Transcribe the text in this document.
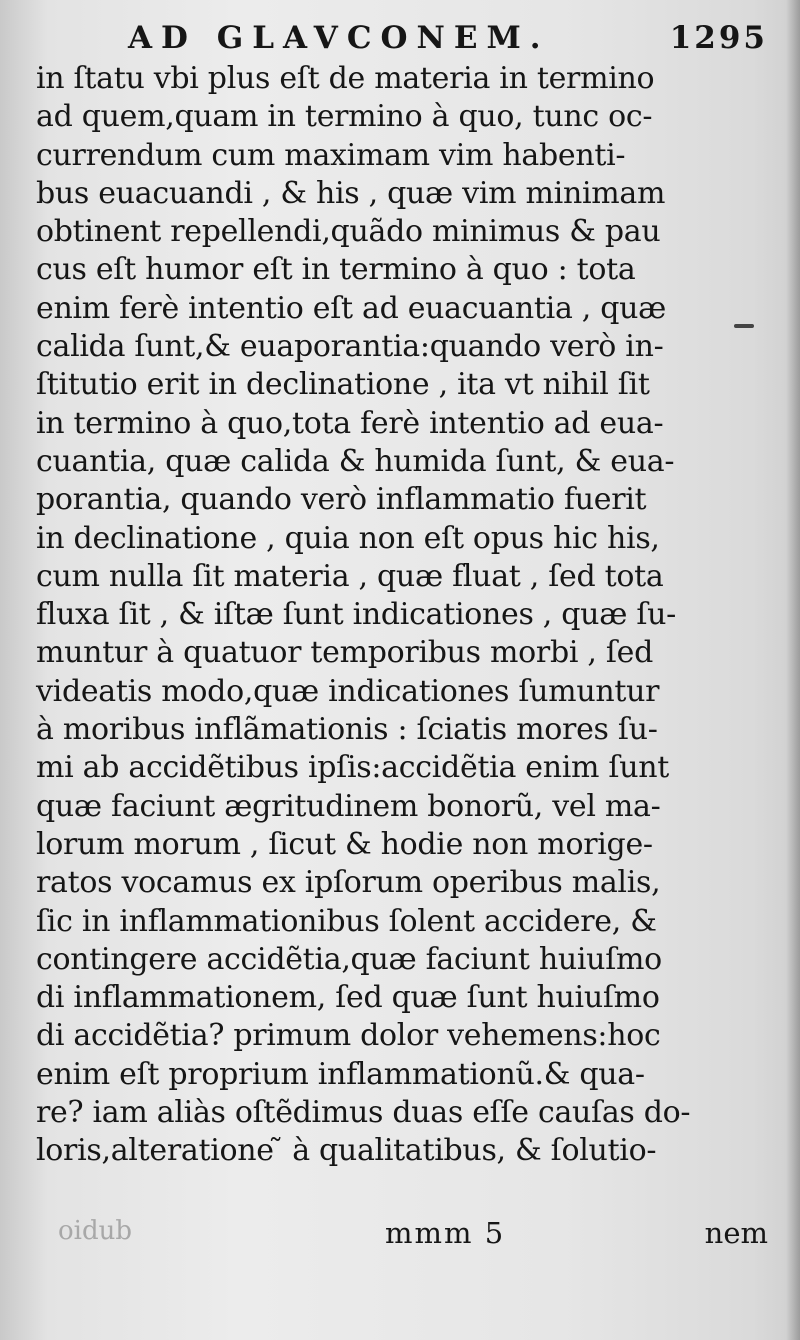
AD GLAVCONEM.	1295
in ſtatu vbi plus eſt de materia in termino
ad quem,quam in termino à quo, tunc oc-
currendum cum maximam vim habenti-
bus euacuandi , & his , quæ vim minimam
obtinent repellendi,quãdo minimus & pau
cus eſt humor eſt in termino à quo : tota
enim ferè intentio eſt ad euacuantia , quæ
calida ſunt,& euaporantia:quando verò in-
ſtitutio erit in declinatione , ita vt nihil ſit
in termino à quo,tota ferè intentio ad eua-
cuantia, quæ calida & humida ſunt, & eua-
porantia, quando verò inflammatio fuerit
in declinatione , quia non eſt opus hic his,
cum nulla ſit materia , quæ fluat , ſed tota
fluxa ſit , & iſtæ ſunt indicationes , quæ ſu-
muntur à quatuor temporibus morbi , ſed
videatis modo,quæ indicationes ſumuntur
à moribus inflãmationis : ſciatis mores ſu-
mi ab accidẽtibus ipſis:accidẽtia enim ſunt
quæ faciunt ægritudinem bonorũ, vel ma-
lorum morum , ſicut & hodie non morige-
ratos vocamus ex ipſorum operibus malis,
ſic in inflammationibus ſolent accidere, &
contingere accidẽtia,quæ faciunt huiuſmo
di inflammationem, ſed quæ ſunt huiuſmo
di accidẽtia? primum dolor vehemens:hoc
enim eſt proprium inflammationũ.& qua-
re? iam aliàs oſtẽdimus duas eſſe cauſas do-
loris,alteratione ̃ à qualitatibus, & ſolutio-
oidub	mmm 5	nem
